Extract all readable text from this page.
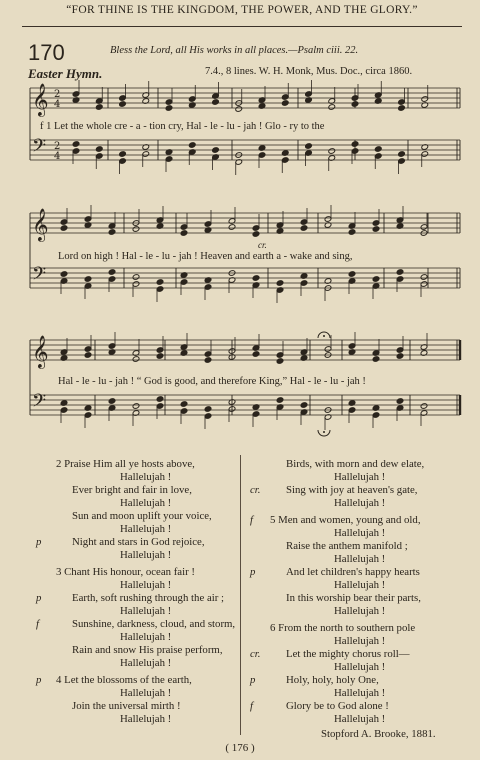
“FOR THINE IS THE KINGDOM, THE POWER, AND THE GLORY.”
170	Bless the Lord, all His works in all places.—Psalm ciii. 22.
Easter Hymn.	7.4., 8 lines. W. H. Monk, Mus. Doc., circa 1860.
𝄞
𝄢
2
4
2
4
𝄞
𝄢
𝄞
𝄢
f 1 Let the whole cre - a - tion cry, Hal - le - lu - jah ! Glo - ry to the
cr.
Lord on high ! Hal - le - lu - jah ! Heaven and earth a - wake and sing,
Hal - le - lu - jah ! “ God is good, and therefore King,” Hal - le - lu - jah !
2 Praise Him all ye hosts above,
Hallelujah !
Ever bright and fair in love,
Hallelujah !
Sun and moon uplift your voice,
Hallelujah !
p	Night and stars in God rejoice,
Hallelujah !
3 Chant His honour, ocean fair !
Hallelujah !
p	Earth, soft rushing through the air ;
Hallelujah !
f	Sunshine, darkness, cloud, and storm,
Hallelujah !
Rain and snow His praise perform,
Hallelujah !
p 4 Let the blossoms of the earth,
Hallelujah !
Join the universal mirth !
Hallelujah !
Birds, with morn and dew elate,
Hallelujah !
cr. Sing with joy at heaven's gate,
Hallelujah !
f 5 Men and women, young and old,
Hallelujah !
Raise the anthem manifold ;
Hallelujah !
p	And let children's happy hearts
Hallelujah !
In this worship bear their parts,
Hallelujah !
6 From the north to southern pole
Hallelujah !
cr. Let the mighty chorus roll—
Hallelujah !
p	Holy, holy, holy One,
Hallelujah !
f	Glory be to God alone !
Hallelujah !
Stopford A. Brooke, 1881.
( 176 )
